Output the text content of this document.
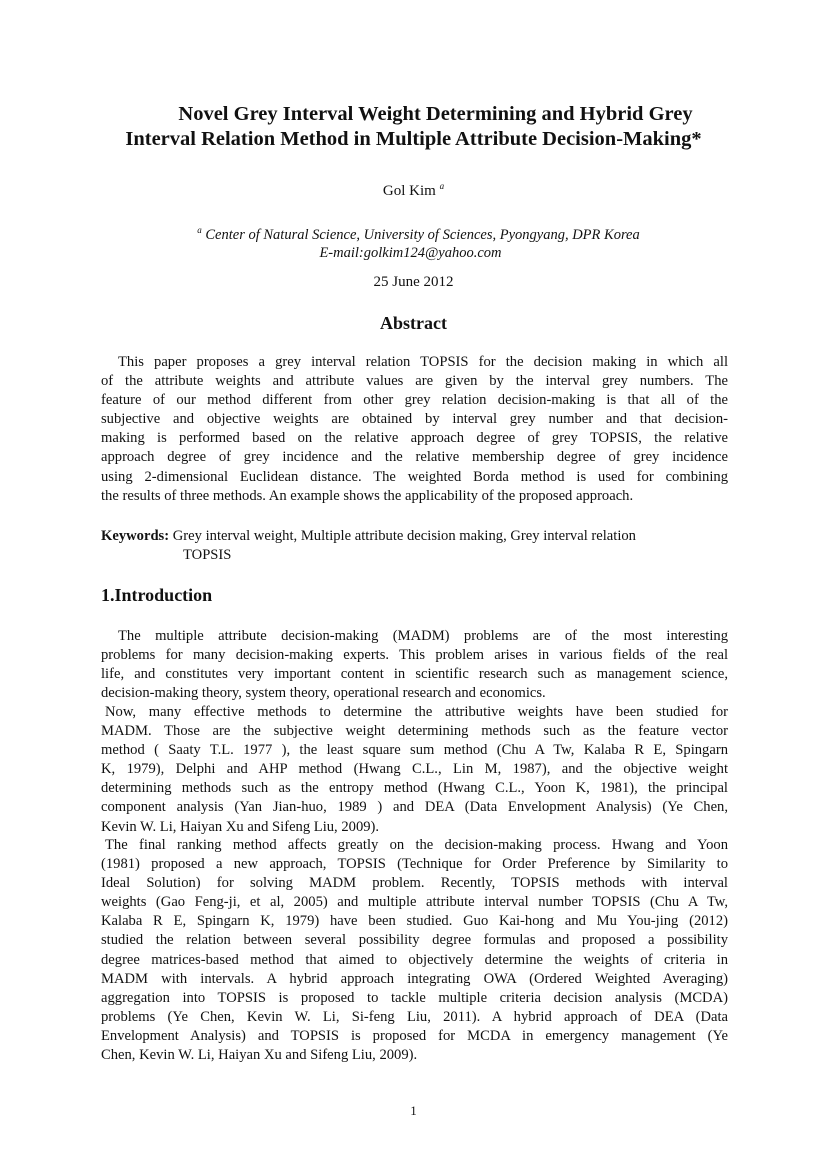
Novel Grey Interval Weight Determining and Hybrid Grey
Interval Relation Method in Multiple Attribute Decision-Making*
Gol Kim $^a$
$^a$ Center of Natural Science, University of Sciences, Pyongyang, DPR Korea
E-mail:golkim124@yahoo.com
25 June 2012
Abstract
This paper proposes a grey interval relation TOPSIS for the decision making in which all
of the attribute weights and attribute values are given by the interval grey numbers. The
feature of our method different from other grey relation decision-making is that all of the
subjective and objective weights are obtained by interval grey number and that decision-
making is performed based on the relative approach degree of grey TOPSIS, the relative
approach degree of grey incidence and the relative membership degree of grey incidence
using 2-dimensional Euclidean distance. The weighted Borda method is used for combining
the results of three methods. An example shows the applicability of the proposed approach.
Keywords: Grey interval weight, Multiple attribute decision making, Grey interval relation
TOPSIS
1.Introduction
The multiple attribute decision-making (MADM) problems are of the most interesting
problems for many decision-making experts. This problem arises in various fields of the real
life, and constitutes very important content in scientific research such as management science,
decision-making theory, system theory, operational research and economics.
Now, many effective methods to determine the attributive weights have been studied for
MADM. Those are the subjective weight determining methods such as the feature vector
method ( Saaty T.L. 1977 ), the least square sum method (Chu A Tw, Kalaba R E, Spingarn
K, 1979), Delphi and AHP method (Hwang C.L., Lin M, 1987), and the objective weight
determining methods such as the entropy method (Hwang C.L., Yoon K, 1981), the principal
component analysis (Yan Jian-huo, 1989 ) and DEA (Data Envelopment Analysis) (Ye Chen,
Kevin W. Li, Haiyan Xu and Sifeng Liu, 2009).
The final ranking method affects greatly on the decision-making process. Hwang and Yoon
(1981) proposed a new approach, TOPSIS (Technique for Order Preference by Similarity to
Ideal Solution) for solving MADM problem. Recently, TOPSIS methods with interval
weights (Gao Feng-ji, et al, 2005) and multiple attribute interval number TOPSIS (Chu A Tw,
Kalaba R E, Spingarn K, 1979) have been studied. Guo Kai-hong and Mu You-jing (2012)
studied the relation between several possibility degree formulas and proposed a possibility
degree matrices-based method that aimed to objectively determine the weights of criteria in
MADM with intervals. A hybrid approach integrating OWA (Ordered Weighted Averaging)
aggregation into TOPSIS is proposed to tackle multiple criteria decision analysis (MCDA)
problems (Ye Chen, Kevin W. Li, Si-feng Liu, 2011). A hybrid approach of DEA (Data
Envelopment Analysis) and TOPSIS is proposed for MCDA in emergency management (Ye
Chen, Kevin W. Li, Haiyan Xu and Sifeng Liu, 2009).
1
